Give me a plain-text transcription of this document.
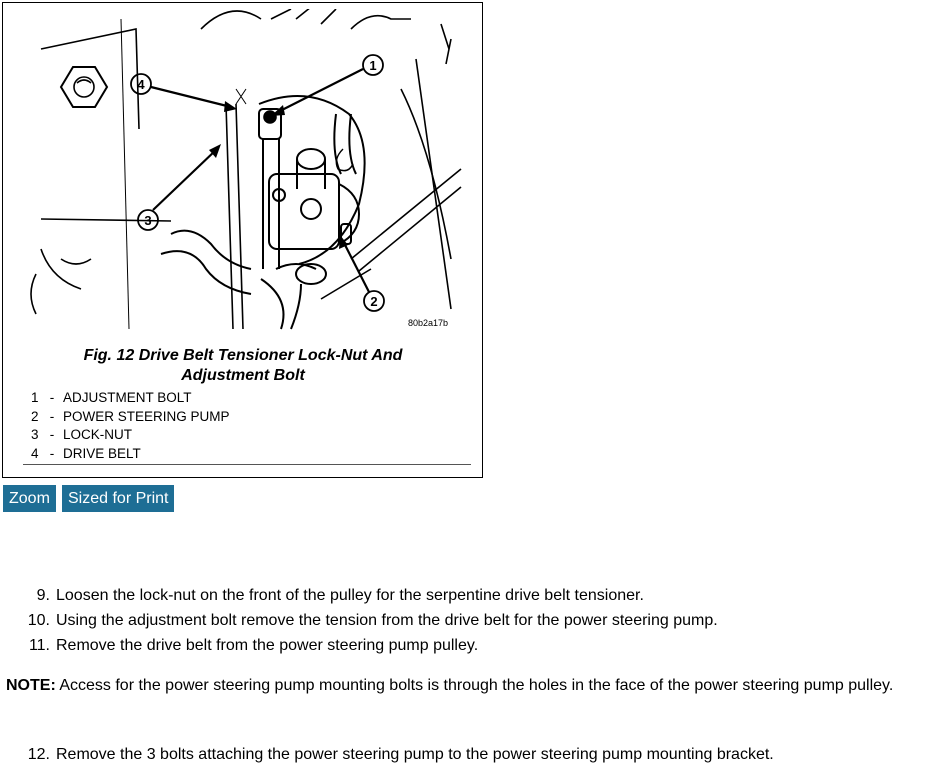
1
4
3
2
80b2a17b
Fig. 12 Drive Belt Tensioner Lock-Nut And
Adjustment Bolt
1 - ADJUSTMENT BOLT
2 - POWER STEERING PUMP
3 - LOCK-NUT
4 - DRIVE BELT
Zoom	Sized for Print
9. Loosen the lock-nut on the front of the pulley for the serpentine drive belt tensioner.
10. Using the adjustment bolt remove the tension from the drive belt for the power steering pump.
11. Remove the drive belt from the power steering pump pulley.
NOTE: Access for the power steering pump mounting bolts is through the holes in the face of the power steering pump pulley.
12. Remove the 3 bolts attaching the power steering pump to the power steering pump mounting bracket.
